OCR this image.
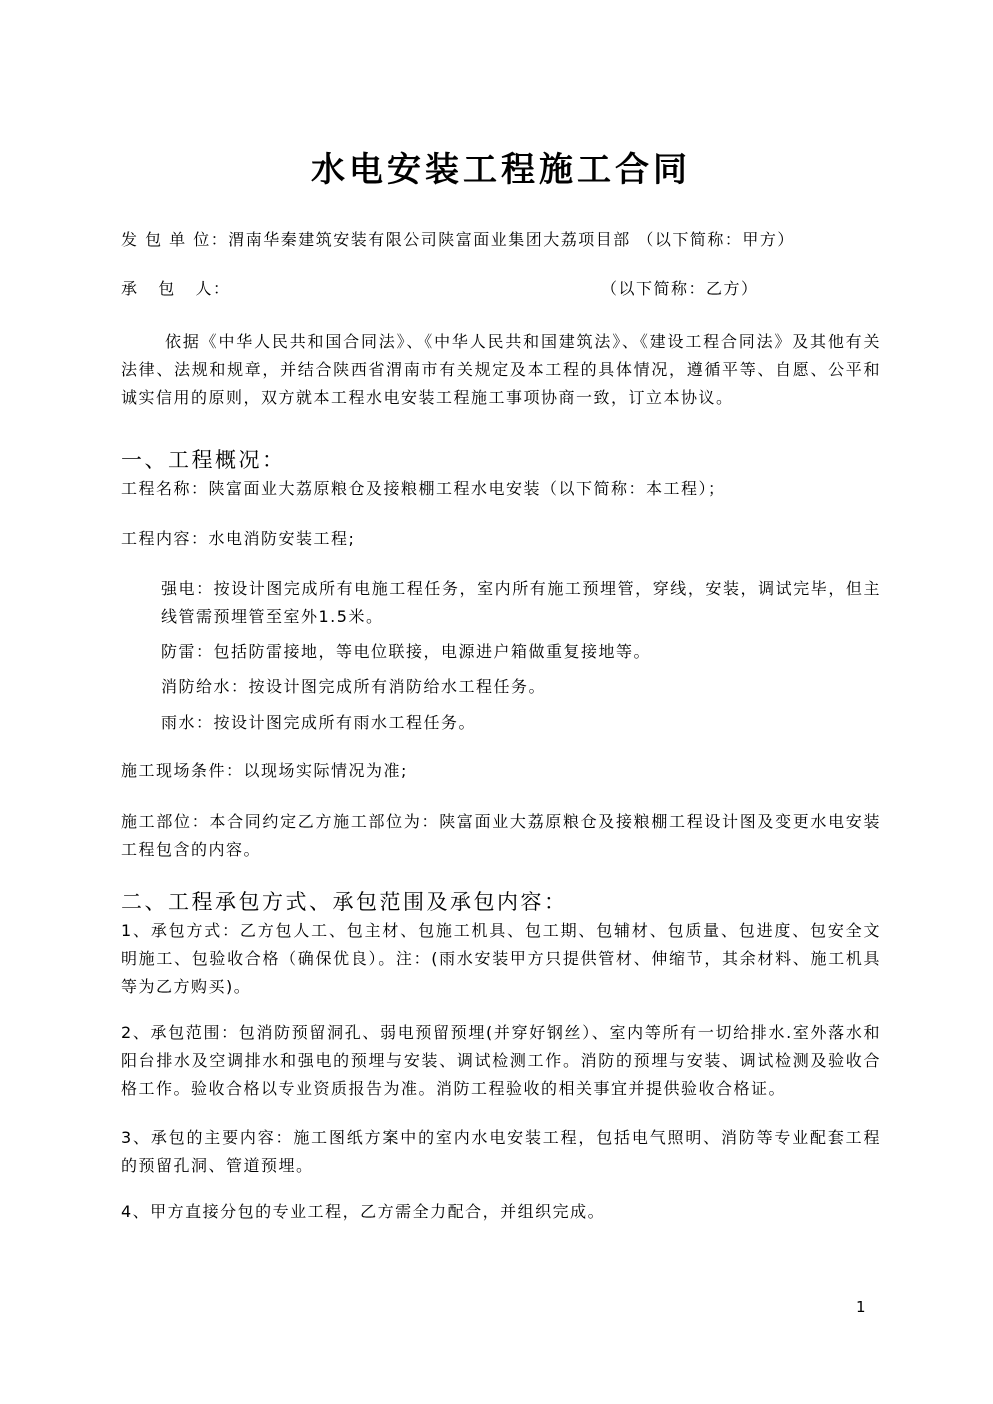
水电安装工程施工合同

发 包 单 位：渭南华秦建筑安装有限公司陕富面业集团大荔项目部 （以下简称：甲方）

承   包   人：	（以下简称：乙方）

依据《中华人民共和国合同法》、《中华人民共和国建筑法》、《建设工程合同法》及其他有关法律、法规和规章，并结合陕西省渭南市有关规定及本工程的具体情况，遵循平等、自愿、公平和诚实信用的原则，双方就本工程水电安装工程施工事项协商一致，订立本协议。

一、工程概况：

工程名称：陕富面业大荔原粮仓及接粮棚工程水电安装（以下简称：本工程）；

工程内容：水电消防安装工程;

强电：按设计图完成所有电施工程任务，室内所有施工预埋管，穿线，安装，调试完毕，但主线管需预埋管至室外1.5米。

防雷：包括防雷接地，等电位联接，电源进户箱做重复接地等。

消防给水：按设计图完成所有消防给水工程任务。

雨水：按设计图完成所有雨水工程任务。

施工现场条件：以现场实际情况为准;

施工部位：本合同约定乙方施工部位为：陕富面业大荔原粮仓及接粮棚工程设计图及变更水电安装工程包含的内容。

二、工程承包方式、承包范围及承包内容：

1、承包方式：乙方包人工、包主材、包施工机具、包工期、包辅材、包质量、包进度、包安全文明施工、包验收合格（确保优良）。注：(雨水安装甲方只提供管材、伸缩节，其余材料、施工机具等为乙方购买)。

2、承包范围：包消防预留洞孔、弱电预留预埋(并穿好钢丝）、室内等所有一切给排水.室外落水和阳台排水及空调排水和强电的预埋与安装、调试检测工作。消防的预埋与安装、调试检测及验收合格工作。验收合格以专业资质报告为准。消防工程验收的相关事宜并提供验收合格证。

3、承包的主要内容：施工图纸方案中的室内水电安装工程，包括电气照明、消防等专业配套工程的预留孔洞、管道预埋。

4、甲方直接分包的专业工程，乙方需全力配合，并组织完成。

1
